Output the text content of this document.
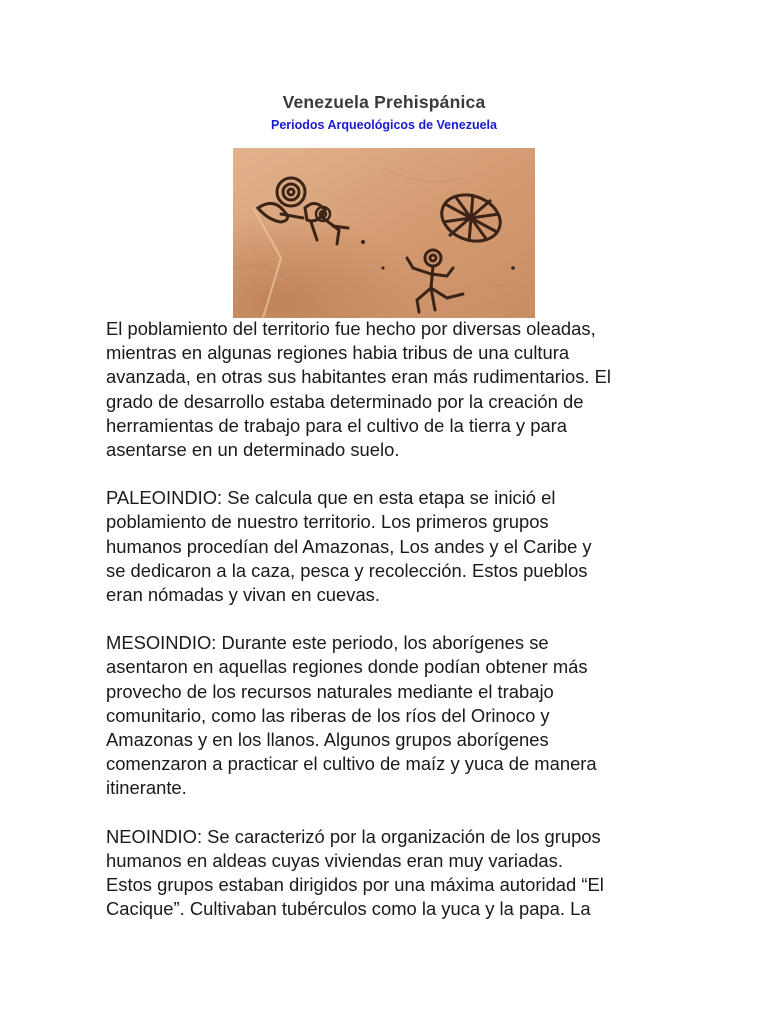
Venezuela Prehispánica
Periodos Arqueológicos de Venezuela

El poblamiento del territorio fue hecho por diversas oleadas,
mientras en algunas regiones habia tribus de una cultura
avanzada, en otras sus habitantes eran más rudimentarios. El
grado de desarrollo estaba determinado por la creación de
herramientas de trabajo para el cultivo de la tierra y para
asentarse en un determinado suelo.

PALEOINDIO: Se calcula que en esta etapa se inició el
poblamiento de nuestro territorio. Los primeros grupos
humanos procedían del Amazonas, Los andes y el Caribe y
se dedicaron a la caza, pesca y recolección. Estos pueblos
eran nómadas y vivan en cuevas.

MESOINDIO: Durante este periodo, los aborígenes se
asentaron en aquellas regiones donde podían obtener más
provecho de los recursos naturales mediante el trabajo
comunitario, como las riberas de los ríos del Orinoco y
Amazonas y en los llanos. Algunos grupos aborígenes
comenzaron a practicar el cultivo de maíz y yuca de manera
itinerante.

NEOINDIO: Se caracterizó por la organización de los grupos
humanos en aldeas cuyas viviendas eran muy variadas.
Estos grupos estaban dirigidos por una máxima autoridad “El
Cacique”. Cultivaban tubérculos como la yuca y la papa. La
